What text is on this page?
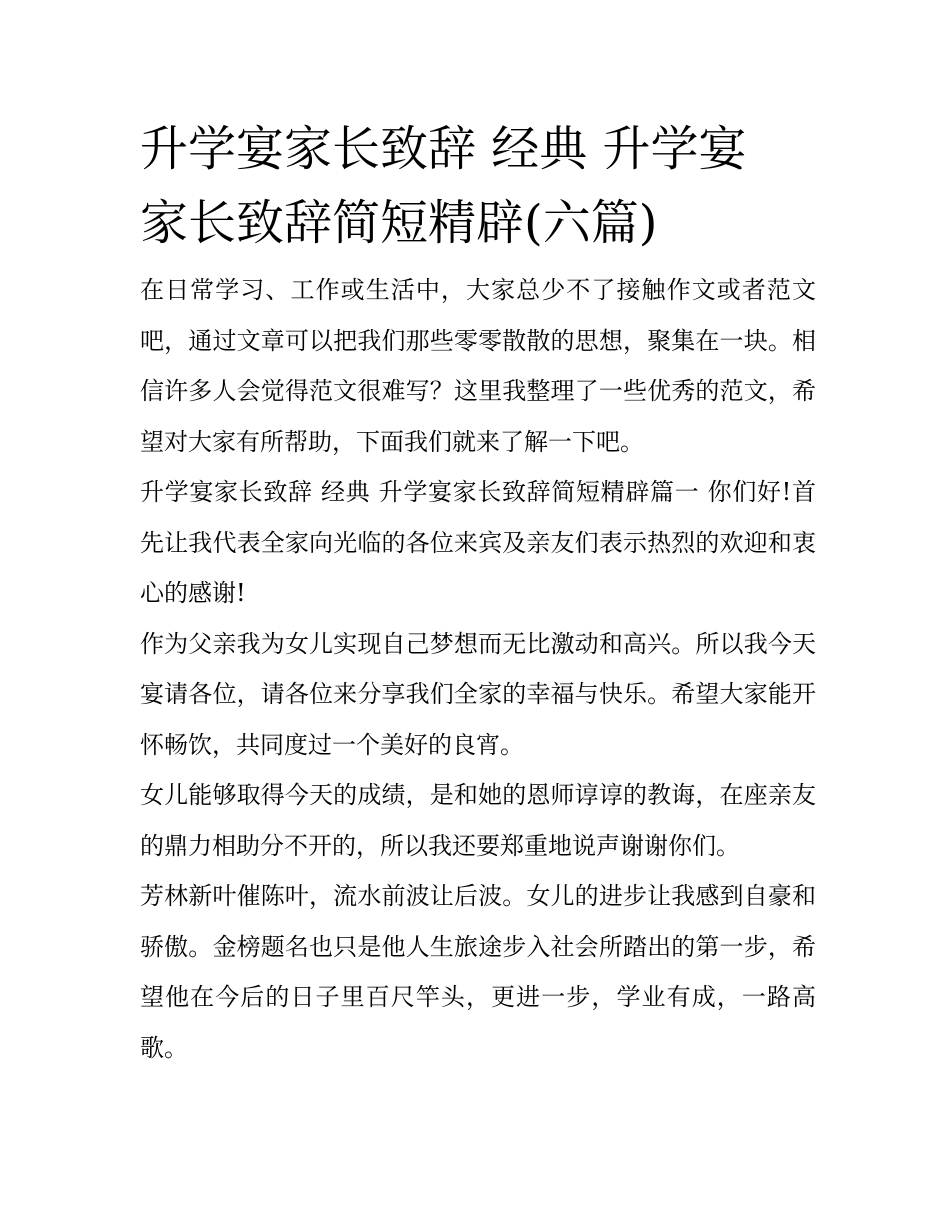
升学宴家长致辞 经典 升学宴家长致辞简短精辟(六篇)

在日常学习、工作或生活中，大家总少不了接触作文或者范文吧，通过文章可以把我们那些零零散散的思想，聚集在一块。相信许多人会觉得范文很难写？这里我整理了一些优秀的范文，希望对大家有所帮助，下面我们就来了解一下吧。

升学宴家长致辞 经典 升学宴家长致辞简短精辟篇一 你们好!首先让我代表全家向光临的各位来宾及亲友们表示热烈的欢迎和衷心的感谢!

作为父亲我为女儿实现自己梦想而无比激动和高兴。所以我今天宴请各位，请各位来分享我们全家的幸福与快乐。希望大家能开怀畅饮，共同度过一个美好的良宵。

女儿能够取得今天的成绩，是和她的恩师谆谆的教诲，在座亲友的鼎力相助分不开的，所以我还要郑重地说声谢谢你们。

芳林新叶催陈叶，流水前波让后波。女儿的进步让我感到自豪和骄傲。金榜题名也只是他人生旅途步入社会所踏出的第一步，希望他在今后的日子里百尺竿头，更进一步，学业有成，一路高歌。
